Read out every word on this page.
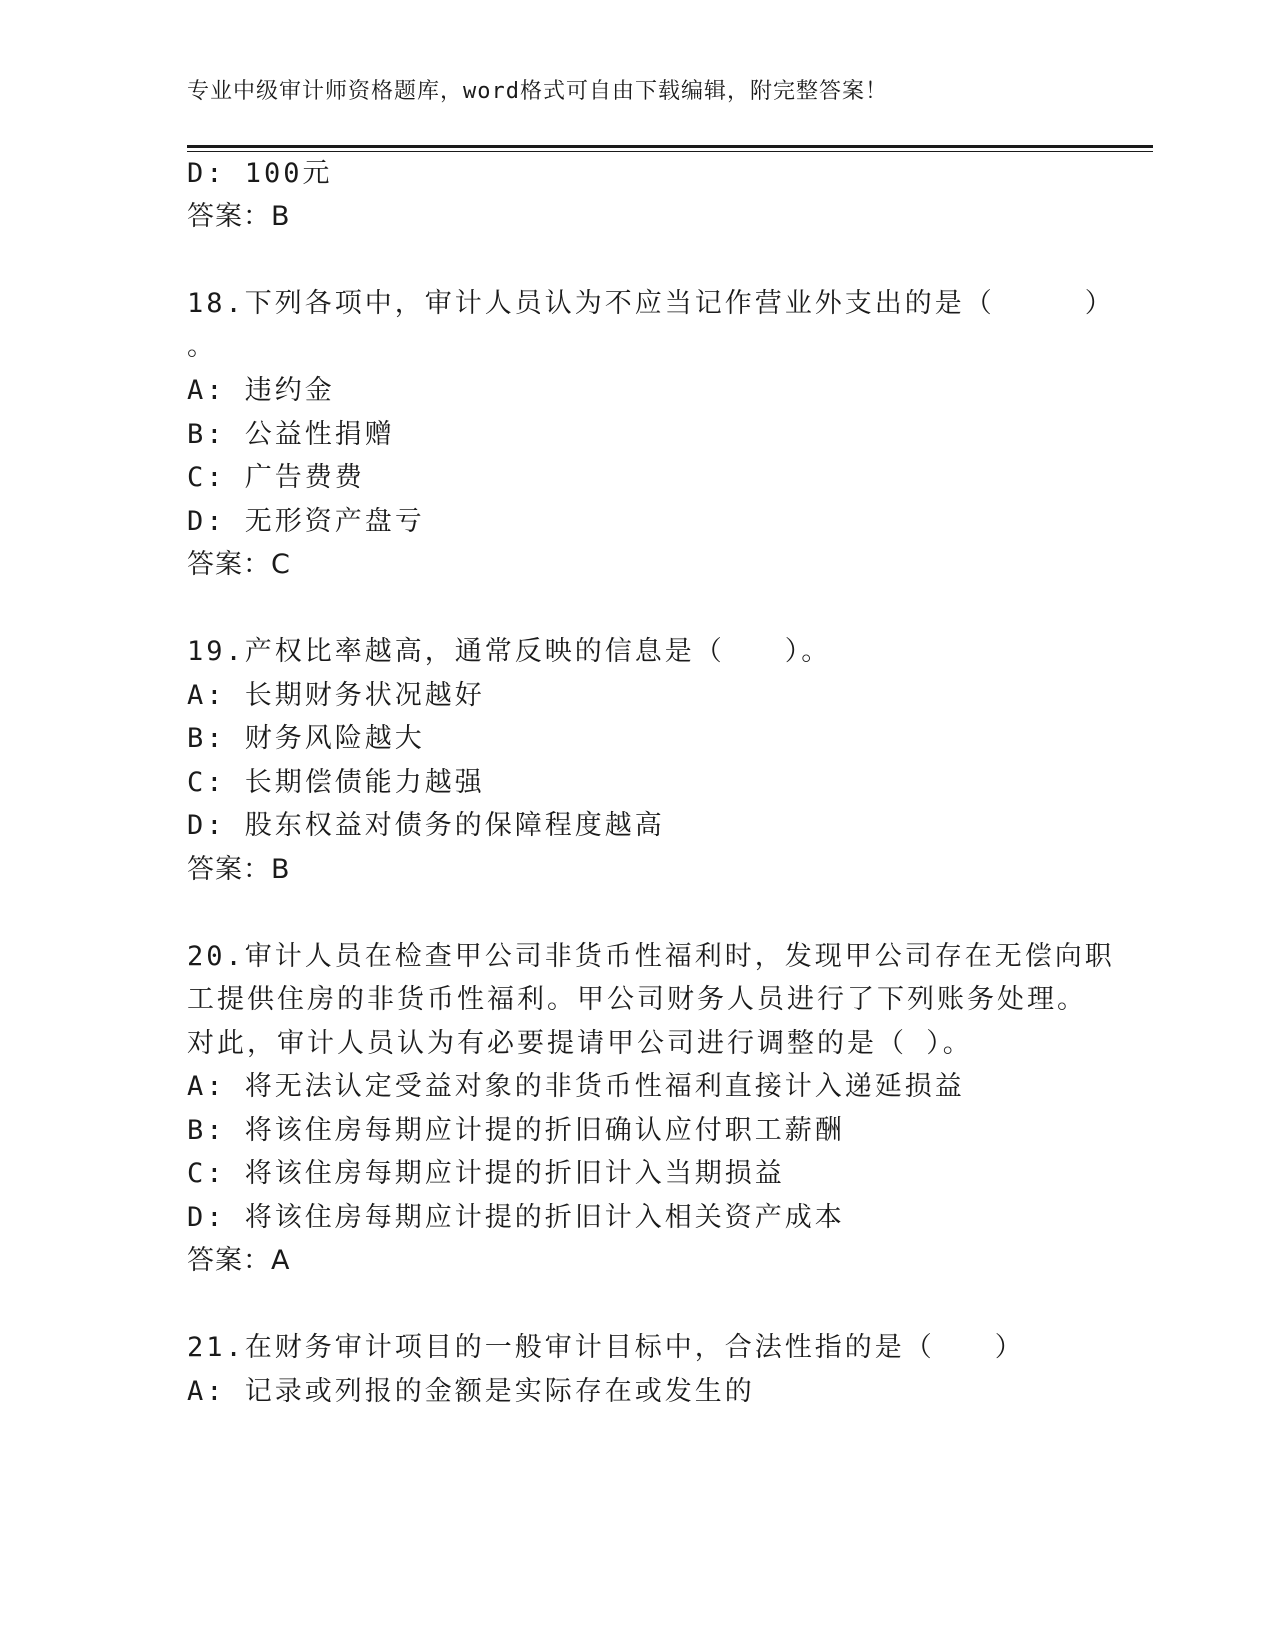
专业中级审计师资格题库，word格式可自由下载编辑，附完整答案！
D: 100元
答案：B
18.下列各项中，审计人员认为不应当记作营业外支出的是（　　　）
。
A: 违约金
B: 公益性捐赠
C: 广告费费
D: 无形资产盘亏
答案：C
19.产权比率越高，通常反映的信息是（　　）。
A: 长期财务状况越好
B: 财务风险越大
C: 长期偿债能力越强
D: 股东权益对债务的保障程度越高
答案：B
20.审计人员在检查甲公司非货币性福利时，发现甲公司存在无偿向职
工提供住房的非货币性福利。甲公司财务人员进行了下列账务处理。
对此，审计人员认为有必要提请甲公司进行调整的是（ ）。
A: 将无法认定受益对象的非货币性福利直接计入递延损益
B: 将该住房每期应计提的折旧确认应付职工薪酬
C: 将该住房每期应计提的折旧计入当期损益
D: 将该住房每期应计提的折旧计入相关资产成本
答案：A
21.在财务审计项目的一般审计目标中，合法性指的是（　　）
A: 记录或列报的金额是实际存在或发生的
